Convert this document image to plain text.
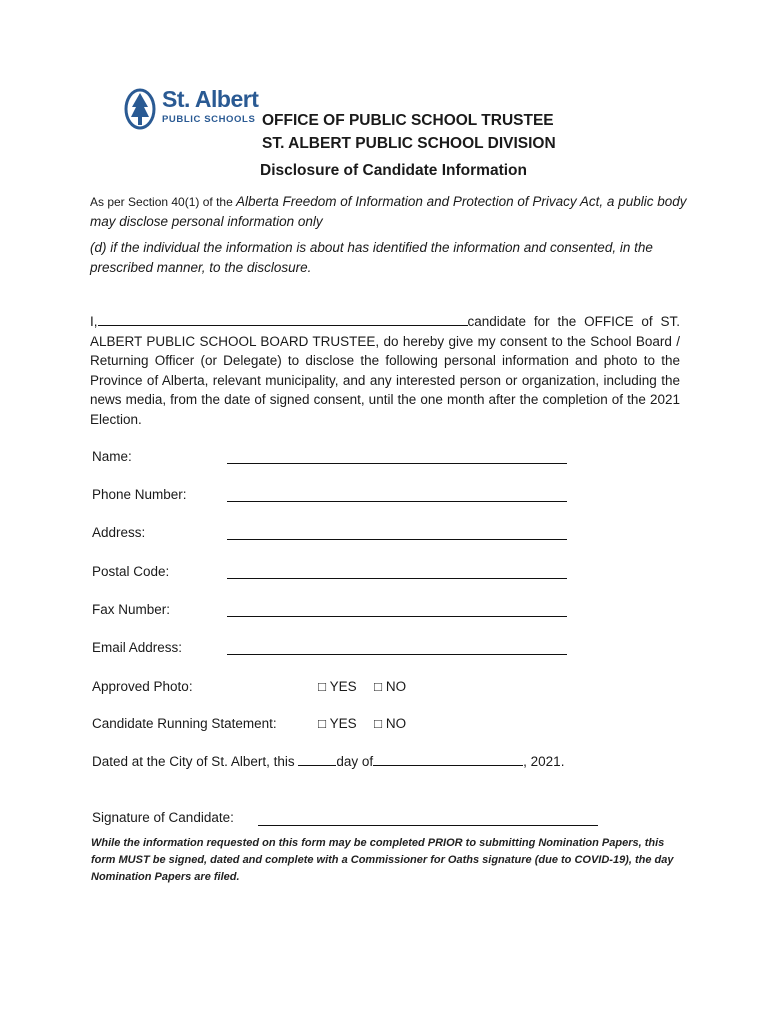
St. Albert
PUBLIC SCHOOLS OFFICE OF PUBLIC SCHOOL TRUSTEE
ST. ALBERT PUBLIC SCHOOL DIVISION
Disclosure of Candidate Information
As per Section 40(1) of the Alberta Freedom of Information and Protection of Privacy Act, a public body may disclose personal information only
(d) if the individual the information is about has identified the information and consented, in the prescribed manner, to the disclosure.
I,	candidate for the OFFICE of ST. ALBERT PUBLIC SCHOOL BOARD TRUSTEE, do hereby give my consent to the School Board / Returning Officer (or Delegate) to disclose the following personal information and photo to the Province of Alberta, relevant municipality, and any interested person or organization, including the news media, from the date of signed consent, until the one month after the completion of the 2021 Election.
Name:
Phone Number:
Address:
Postal Code:
Fax Number:
Email Address:
Approved Photo:	□ YES □ NO
Candidate Running Statement:	□ YES □ NO
Dated at the City of St. Albert, this	day of	, 2021.
Signature of Candidate:
While the information requested on this form may be completed PRIOR to submitting Nomination Papers, this form MUST be signed, dated and complete with a Commissioner for Oaths signature (due to COVID-19), the day Nomination Papers are filed.
